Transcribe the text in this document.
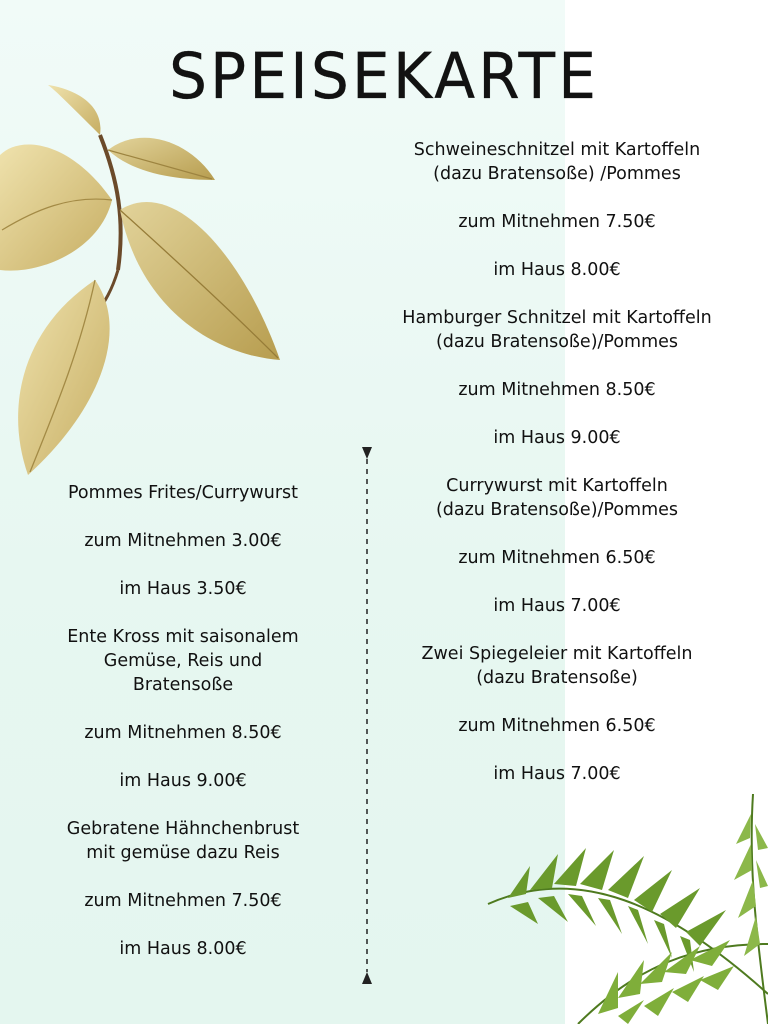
SPEISEKARTE

Pommes Frites/Currywurst

zum Mitnehmen 3.00€

im Haus 3.50€

Ente Kross mit saisonalem

Gemüse, Reis und

Bratensoße

zum Mitnehmen 8.50€

im Haus 9.00€

Gebratene Hähnchenbrust

mit gemüse dazu Reis

zum Mitnehmen 7.50€

im Haus 8.00€

Schweineschnitzel mit Kartoffeln

(dazu Bratensoße) /Pommes

zum Mitnehmen 7.50€

im Haus 8.00€

Hamburger Schnitzel mit Kartoffeln

(dazu Bratensoße)/Pommes

zum Mitnehmen 8.50€

im Haus 9.00€

Currywurst mit Kartoffeln

(dazu Bratensoße)/Pommes

zum Mitnehmen 6.50€

im Haus 7.00€

Zwei Spiegeleier mit Kartoffeln

(dazu Bratensoße)

zum Mitnehmen 6.50€

im Haus 7.00€
